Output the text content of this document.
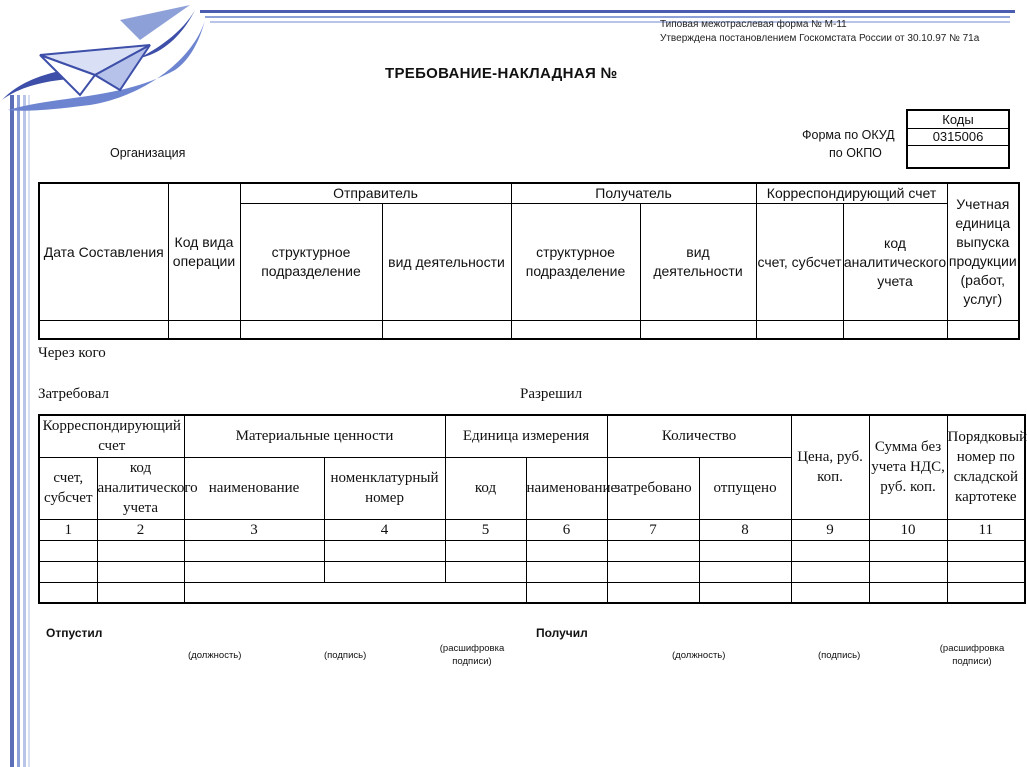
Типовая межотраслевая форма № М-11
Утверждена постановлением Госкомстата России от 30.10.97 № 71а
ТРЕБОВАНИЕ-НАКЛАДНАЯ №
Коды
0315006
Форма по ОКУД
по ОКПО
Организация
Дата Составления	Код вида операции	Отправитель		Получатель		Корреспондирующий счет		Учетная единица выпуска продукции (работ, услуг)
		структурное подразделение	вид деятельности	структурное подразделение	вид деятельности	счет, субсчет	код аналитического учета	

Через кого
Затребовал	Разрешил
Корреспондирующий счет		Материальные ценности		Единица измерения		Количество		Цена, руб. коп.	Сумма без учета НДС, руб. коп.	Порядковый номер по складской картотеке
счет, субсчет	код аналитического учета	наименование	номенклатурный номер	код	наименование	затребовано	отпущено			
1	2	3	4	5	6	7	8	9	10	11

Отпустил	Получил
(должность)	(подпись)
(расшифровка подписи)
(должность)	(подпись)
(расшифровка подписи)
